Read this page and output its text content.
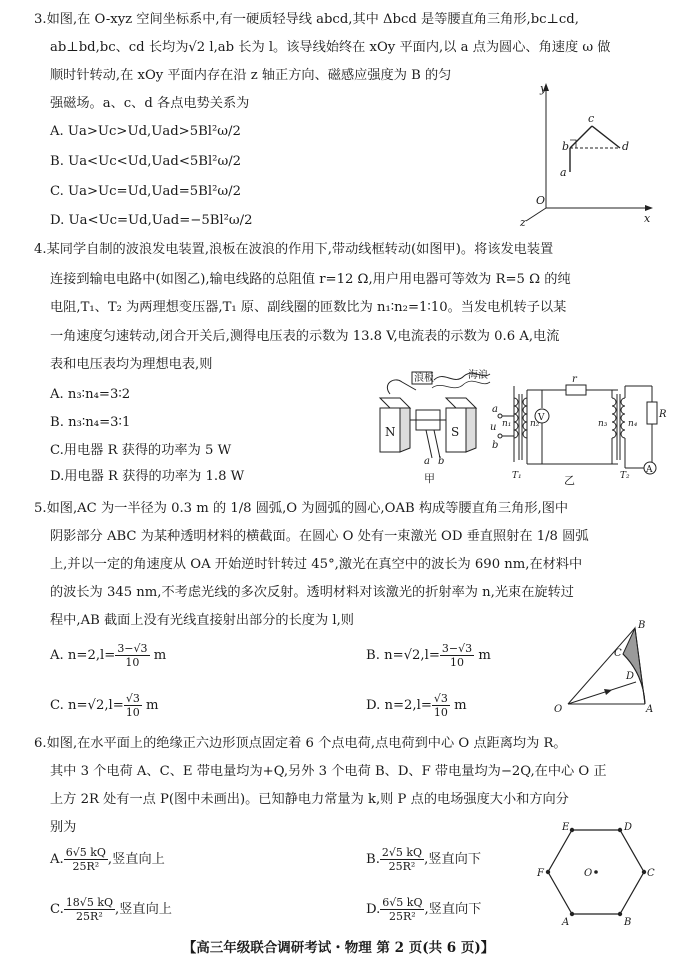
3.如图,在 O-xyz 空间坐标系中,有一硬质轻导线 abcd,其中 Δbcd 是等腰直角三角形,bc⊥cd,
ab⊥bd,bc、cd 长均为√2 l,ab 长为 l。该导线始终在 xOy 平面内,以 a 点为圆心、角速度 ω 做
顺时针转动,在 xOy 平面内存在沿 z 轴正方向、磁感应强度为 B 的匀
强磁场。a、c、d 各点电势关系为
A. Ua>Uc>Ud,Uad>5Bl²ω/2
B. Ua<Uc<Ud,Uad<5Bl²ω/2
C. Ua>Uc=Ud,Uad=5Bl²ω/2
D. Ua<Uc=Ud,Uad=−5Bl²ω/2
y
c
b	d
a
O
x
z
4.某同学自制的波浪发电装置,浪板在波浪的作用下,带动线框转动(如图甲)。将该发电装置
连接到输电电路中(如图乙),输电线路的总阻值 r=12 Ω,用户用电器可等效为 R=5 Ω 的纯
电阻,T₁、T₂ 为两理想变压器,T₁ 原、副线圈的匝数比为 n₁∶n₂=1∶10。当发电机转子以某
一角速度匀速转动,闭合开关后,测得电压表的示数为 13.8 V,电流表的示数为 0.6 A,电流
表和电压表均为理想电表,则
A. n₃∶n₄=3∶2
B. n₃∶n₄=3∶1
C.用电器 R 获得的功率为 5 W
D.用电器 R 获得的功率为 1.8 W
浪板	海浪
N	S
a b
甲
a
u
b
n₁ n₂
V
r
n₃ n₄
R
T₁	T₂
A
乙
5.如图,AC 为一半径为 0.3 m 的 1/8 圆弧,O 为圆弧的圆心,OAB 构成等腰直角三角形,图中
阴影部分 ABC 为某种透明材料的横截面。在圆心 O 处有一束激光 OD 垂直照射在 1/8 圆弧
上,并以一定的角速度从 OA 开始逆时针转过 45°,激光在真空中的波长为 690 nm,在材料中
的波长为 345 nm,不考虑光线的多次反射。透明材料对该激光的折射率为 n,光束在旋转过
程中,AB 截面上没有光线直接射出部分的长度为 l,则
A. $n=2,l= \frac{3-√3}{10}$ m	B. $n=√2,l= \frac{3-√3}{10}$ m
C. $n=√2,l= \frac{√3}{10}$ m	D. $n=2,l= \frac{√3}{10}$ m
B
C
D
O	A
6.如图,在水平面上的绝缘正六边形顶点固定着 6 个点电荷,点电荷到中心 O 点距离均为 R。
其中 3 个电荷 A、C、E 带电量均为+Q,另外 3 个电荷 B、D、F 带电量均为−2Q,在中心 O 正
上方 2R 处有一点 P(图中未画出)。已知静电力常量为 k,则 P 点的电场强度大小和方向分
别为
A. $\frac{6√5 kQ}{\text{25R²}}$ ,竖直向上	B. $\frac{2√5 kQ}{\text{25R²}}$ ,竖直向下
C. $\frac{18√5 kQ}{\text{25R²}}$ ,竖直向上	D. $\frac{6√5 kQ}{\text{25R²}}$ ,竖直向下
E	D
F	O	C
A	B
【高三年级联合调研考试・物理 第 2 页(共 6 页)】
